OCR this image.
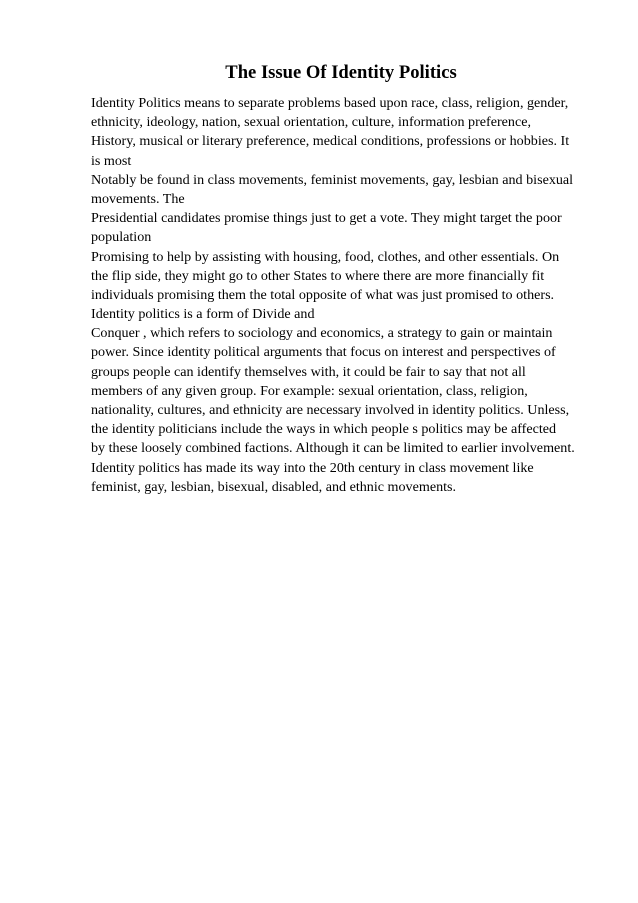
The Issue Of Identity Politics
Identity Politics means to separate problems based upon race, class, religion, gender,
ethnicity, ideology, nation, sexual orientation, culture, information preference,
History, musical or literary preference, medical conditions, professions or hobbies. It
is most
Notably be found in class movements, feminist movements, gay, lesbian and bisexual
movements. The
Presidential candidates promise things just to get a vote. They might target the poor
population
Promising to help by assisting with housing, food, clothes, and other essentials. On
the flip side, they might go to other States to where there are more financially fit
individuals promising them the total opposite of what was just promised to others.
Identity politics is a form of Divide and
Conquer , which refers to sociology and economics, a strategy to gain or maintain
power. Since identity political arguments that focus on interest and perspectives of
groups people can identify themselves with, it could be fair to say that not all
members of any given group. For example: sexual orientation, class, religion,
nationality, cultures, and ethnicity are necessary involved in identity politics. Unless,
the identity politicians include the ways in which people s politics may be affected
by these loosely combined factions. Although it can be limited to earlier involvement.
Identity politics has made its way into the 20th century in class movement like
feminist, gay, lesbian, bisexual, disabled, and ethnic movements.
